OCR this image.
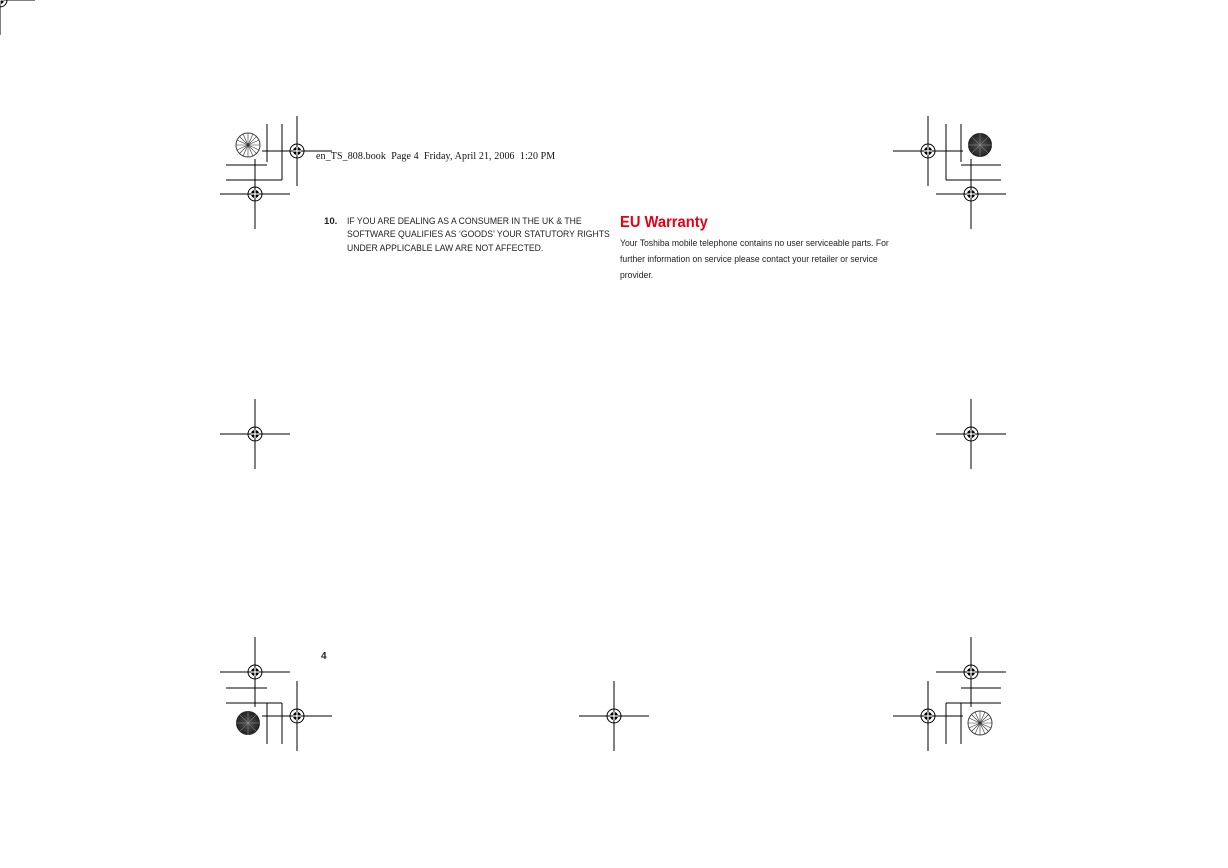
en_TS_808.book  Page 4  Friday, April 21, 2006  1:20 PM
10. IF YOU ARE DEALING AS A CONSUMER IN THE UK & THE SOFTWARE QUALIFIES AS ‘GOODS’ YOUR STATUTORY RIGHTS UNDER APPLICABLE LAW ARE NOT AFFECTED.
EU Warranty

Your Toshiba mobile telephone contains no user serviceable parts. For further information on service please contact your retailer or service provider.

4
